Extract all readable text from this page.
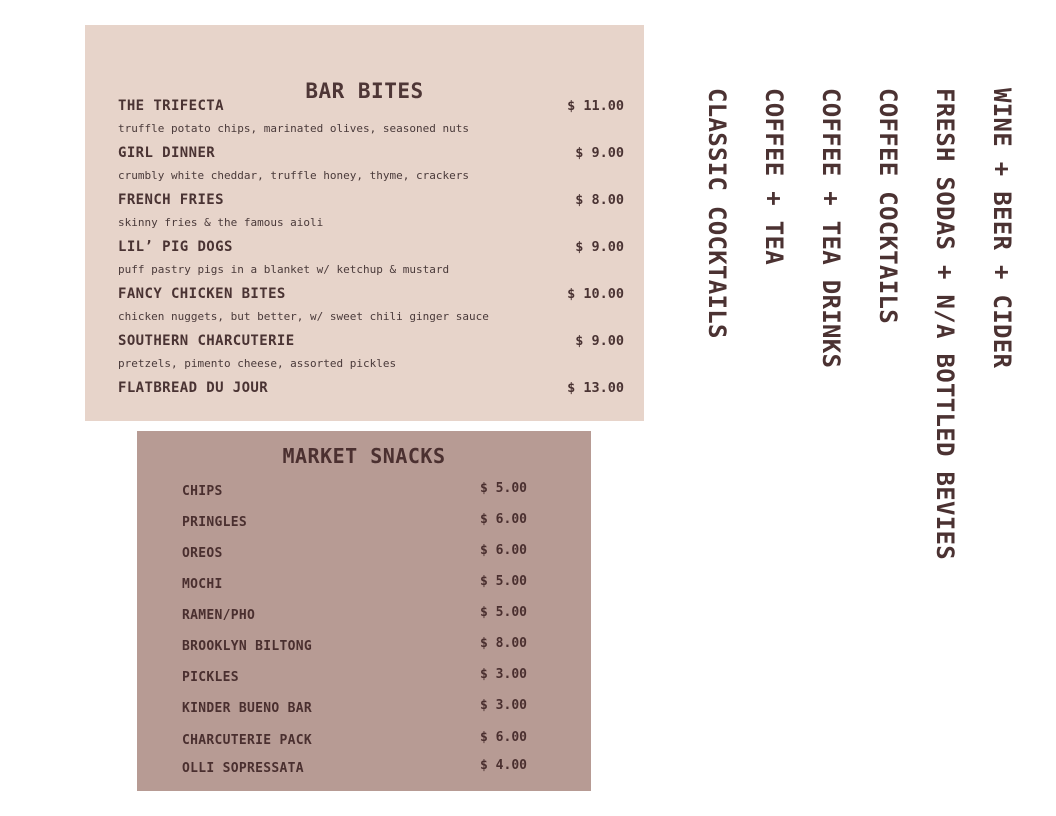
BAR BITES
THE TRIFECTA	$ 11.00
truffle potato chips, marinated olives, seasoned nuts
GIRL DINNER	$ 9.00
crumbly white cheddar, truffle honey, thyme, crackers
FRENCH FRIES	$ 8.00
skinny fries & the famous aioli
LIL’ PIG DOGS	$ 9.00
puff pastry pigs in a blanket w/ ketchup & mustard
FANCY CHICKEN BITES	$ 10.00
chicken nuggets, but better, w/ sweet chili ginger sauce
SOUTHERN CHARCUTERIE	$ 9.00
pretzels, pimento cheese, assorted pickles
FLATBREAD DU JOUR	$ 13.00
MARKET SNACKS
CHIPS	$ 5.00
PRINGLES	$ 6.00
OREOS	$ 6.00
MOCHI	$ 5.00
RAMEN/PHO	$ 5.00
BROOKLYN BILTONG	$ 8.00
PICKLES	$ 3.00
KINDER BUENO BAR	$ 3.00
CHARCUTERIE PACK	$ 6.00
OLLI SOPRESSATA	$ 4.00
CLASSIC COCKTAILS COFFEE + TEA COFFEE + TEA DRINKS COFFEE COCKTAILS FRESH SODAS + N/A BOTTLED BEVIES WINE + BEER + CIDER
